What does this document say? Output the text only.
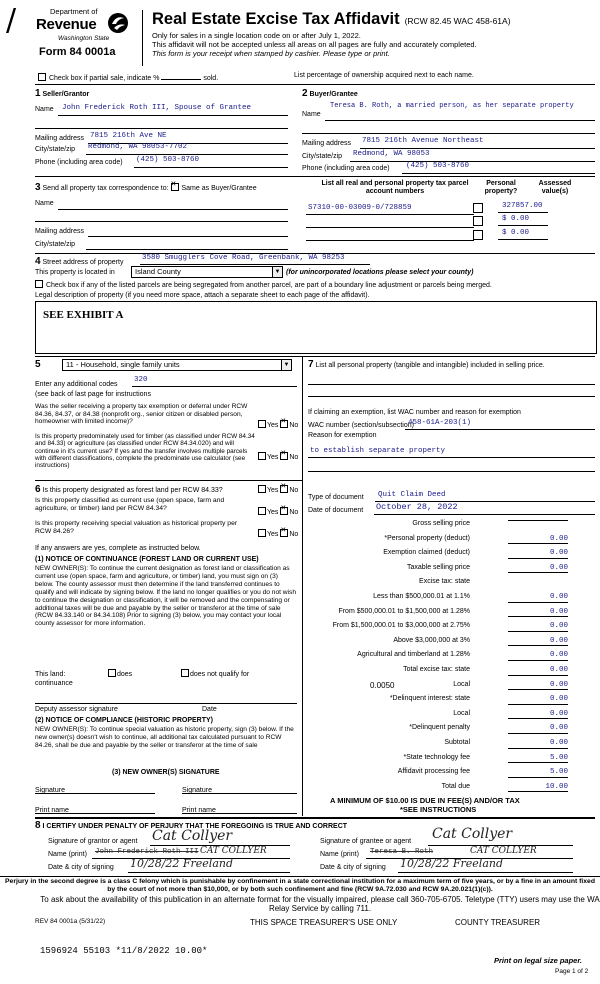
/	Department of
Revenue
Washington State
Form 84 0001a
Real Estate Excise Tax Affidavit (RCW 82.45 WAC 458-61A)
Only for sales in a single location code on or after July 1, 2022.
This affidavit will not be accepted unless all areas on all pages are fully and accurately completed.
This form is your receipt when stamped by cashier. Please type or print.
Check box if partial sale, indicate %	sold.	List percentage of ownership acquired next to each name.
1 Seller/Grantor
Name John Frederick Roth III, Spouse of Grantee
Mailing address 7815 216th Ave NE
City/state/zip Redmond, WA 98053-7702
Phone (including area code) (425) 503-8760
2 Buyer/Grantee
Name
Teresa B. Roth, a married person, as her separate property
Mailing address 7815 216th Avenue Northeast
City/state/zip Redmond, WA 98053
Phone (including area code) (425) 503-8760
3 Send all property tax correspondence to: ✕ Same as Buyer/Grantee
Name
Mailing address
City/state/zip
List all real and personal property tax parcel account numbers
Personal property?
Assessed value(s)
S7310-00-03009-0/728859	327857.00
$ 0.00
$ 0.00
4 Street address of property
3580 Smugglers Cove Road, Greenbank, WA 98253
This property is located in	Island County	▼ (for unincorporated locations please select your county)
Check box if any of the listed parcels are being segregated from another parcel, are part of a boundary line adjustment or parcels being merged.
Legal description of property (if you need more space, attach a separate sheet to each page of the affidavit).
SEE EXHIBIT A
5	11 - Household, single family units	▼
Enter any additional codes
320
(see back of last page for instructions
Was the seller receiving a property tax exemption or deferral under RCW 84.36, 84.37, or 84.38 (nonprofit org., senior citizen or disabled person, homeowner with limited income)?
Yes ✕ No
Is this property predominately used for timber (as classified under RCW 84.34 and 84.33) or agriculture (as classified under RCW 84.34.020) and will continue in it's current use? If yes and the transfer involves multiple parcels with different classifications, complete the predominate use calculator (see instructions)
Yes ✕ No
6 Is this property designated as forest land per RCW 84.33?	Yes ✕ No
Is this property classified as current use (open space, farm and agriculture, or timber) land per RCW 84.34?
Yes ✕ No
Is this property receiving special valuation as historical property per RCW 84.26?	Yes ✕ No
If any answers are yes, complete as instructed below.
(1) NOTICE OF CONTINUANCE (FOREST LAND OR CURRENT USE)
NEW OWNER(S): To continue the current designation as forest land or classification as current use (open space, farm and agriculture, or timber) land, you must sign on (3) below. The county assessor must then determine if the land transferred continues to qualify and will indicate by signing below. If the land no longer qualifies or you do not wish to continue the designation or classification, it will be removed and the compensating or additional taxes will be due and payable by the seller or transferor at the time of sale (RCW 84.33.140 or 84.34.108) Prior to signing (3) below, you may contact your local county assessor for more information.
This land:	does	does not qualify for
continuance
Deputy assessor signature	Date
(2) NOTICE OF COMPLIANCE (HISTORIC PROPERTY)
NEW OWNER(S): To continue special valuation as historic property, sign (3) below. If the new owner(s) doesn't wish to continue, all additional tax calculated pursuant to RCW 84.26, shall be due and payable by the seller or transferor at the time of sale
(3) NEW OWNER(S) SIGNATURE
Signature	Signature
Print name	Print name
7 List all personal property (tangible and intangible) included in selling price.
If claiming an exemption, list WAC number and reason for exemption
WAC number (section/subsection)
458-61A-203(1)
Reason for exemption
to establish separate property
Type of document Quit Claim Deed
Date of document October 28, 2022
Gross selling price
*Personal property (deduct)	0.00
Exemption claimed (deduct)	0.00
Taxable selling price	0.00
Excise tax: state
Less than $500,000.01 at 1.1%	0.00
From $500,000.01 to $1,500,000 at 1.28%	0.00
From $1,500,000.01 to $3,000,000 at 2.75%	0.00
Above $3,000,000 at 3%	0.00
Agricultural and timberland at 1.28%	0.00
Total excise tax: state	0.00
Local
0.0050	0.00
*Delinquent interest: state	0.00
Local	0.00
*Delinquent penalty	0.00
Subtotal	0.00
*State technology fee	5.00
Affidavit processing fee	5.00
Total due	10.00
A MINIMUM OF $10.00 IS DUE IN FEE(S) AND/OR TAX
*SEE INSTRUCTIONS
8 I CERTIFY UNDER PENALTY OF PERJURY THAT THE FOREGOING IS TRUE AND CORRECT
Signature of grantor or agent Cat Collyer
Name (print) John Frederick Roth III CAT COLLYER
Date & city of signing 10/28/22 Freeland
Signature of grantee or agent Cat Collyer
Name (print) Teresa B. Roth	CAT COLLYER
Date & city of signing 10/28/22 Freeland
Perjury in the second degree is a class C felony which is punishable by confinement in a state correctional institution for a maximum term of five years, or by a fine in an amount fixed by the court of not more than $10,000, or by both such confinement and fine (RCW 9A.72.030 and RCW 9A.20.021(1)(c)).
To ask about the availability of this publication in an alternate format for the visually impaired, please call 360-705-6705. Teletype (TTY) users may use the WA Relay Service by calling 711.
REV 84 0001a (5/31/22)	THIS SPACE TREASURER'S USE ONLY	COUNTY TREASURER
1596924 55103 *11/8/2022 10.00*
Print on legal size paper.
Page 1 of 2
